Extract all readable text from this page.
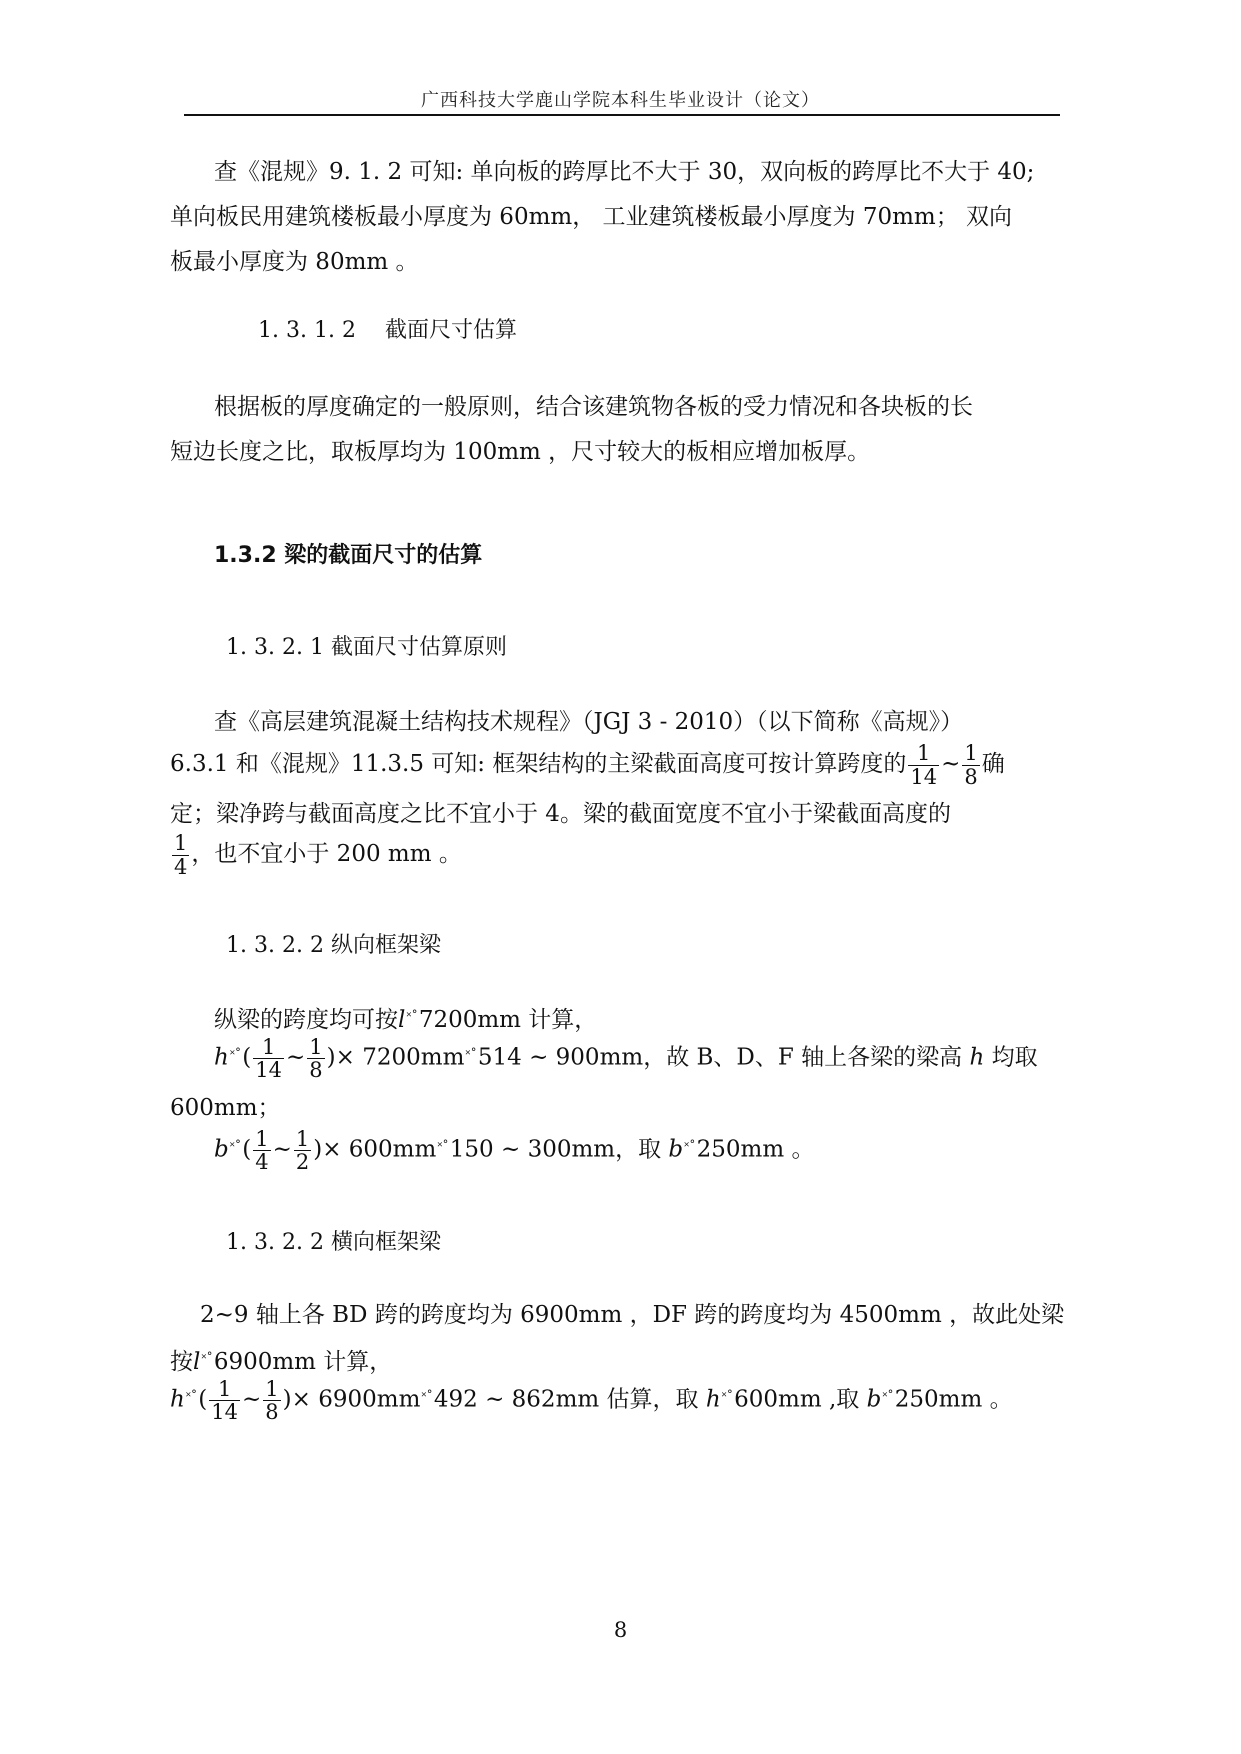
广西科技大学鹿山学院本科生毕业设计（论文）
查《混规》9. 1. 2 可知: 单向板的跨厚比不大于 30，双向板的跨厚比不大于 40;
单向板民用建筑楼板最小厚度为 60mm， 工业建筑楼板最小厚度为 70mm； 双向
板最小厚度为 80mm 。
1. 3. 1. 2　 截面尺寸估算
根据板的厚度确定的一般原则，结合该建筑物各板的受力情况和各块板的长
短边长度之比，取板厚均为 100mm ，尺寸较大的板相应增加板厚。
1.3.2 梁的截面尺寸的估算
1. 3. 2. 1 截面尺寸估算原则
查《高层建筑混凝土结构技术规程》（JGJ 3 - 2010）（以下简称《高规》）
6.3.1 和《混规》11.3.5 可知: 框架结构的主梁截面高度可按计算跨度的 $\frac{1}{14}$ ~ $\frac{1}{8}$ 确
定；梁净跨与截面高度之比不宜小于 4。梁的截面宽度不宜小于梁截面高度的
$\frac{1}{4}$ ，也不宜小于 200 mm 。
1. 3. 2. 2 纵向框架梁
纵梁的跨度均可按l˟˚7200mm 计算，
$h^{˟˚}( \frac{1}{14}$ ~ $\frac{1}{8}$ )× 7200mm˟˚514 ~ 900mm，故 B、D、F 轴上各梁的梁高 h 均取
600mm；
$b^{˟˚}( \frac{1}{4}$ ~ $\frac{1}{2}$ )× 600mm˟˚150 ~ 300mm，取 b˟˚250mm 。
1. 3. 2. 2 横向框架梁
2~9 轴上各 BD 跨的跨度均为 6900mm ，DF 跨的跨度均为 4500mm ，故此处梁
按l˟˚6900mm 计算，
$h^{˟˚}( \frac{1}{14}$ ~ $\frac{1}{8}$ )× 6900mm˟˚492 ~ 862mm 估算，取 h˟˚600mm ,取 b˟˚250mm 。
8
